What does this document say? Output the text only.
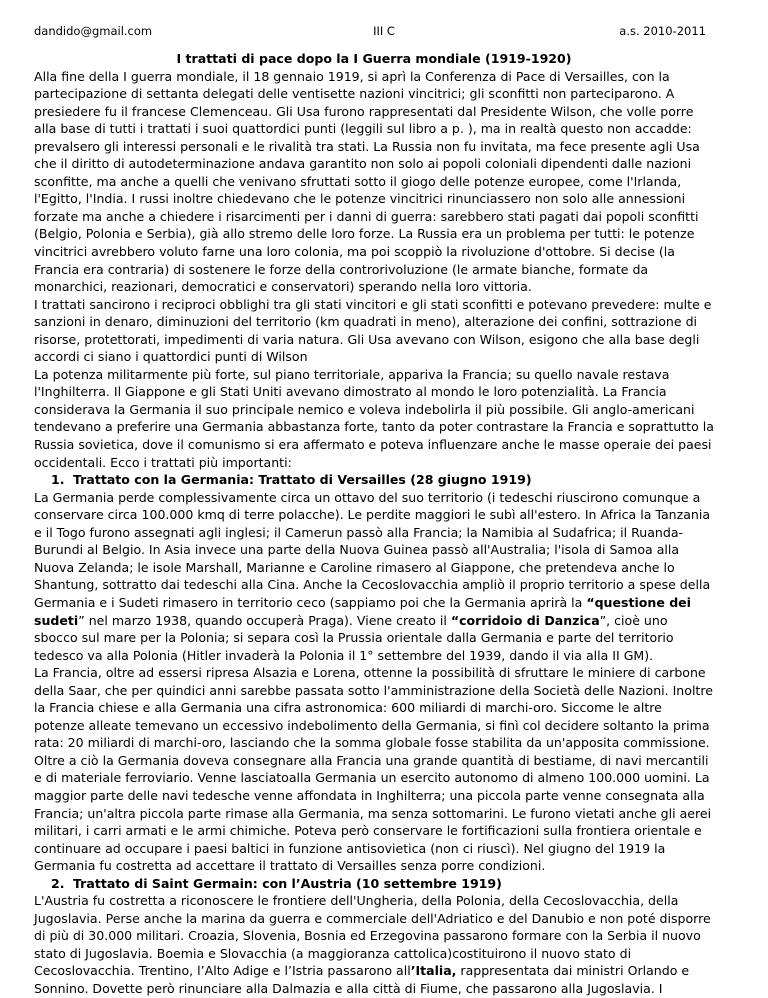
dandido@gmail.com	III C	a.s. 2010-2011

I trattati di pace dopo la I Guerra mondiale (1919-1920)

Alla fine della I guerra mondiale, il 18 gennaio 1919, si aprì la Conferenza di Pace di Versailles, con la partecipazione di settanta delegati delle ventisette nazioni vincitrici; gli sconfitti non parteciparono. A presiedere fu il francese Clemenceau. Gli Usa furono rappresentati dal Presidente Wilson, che volle porre alla base di tutti i trattati i suoi quattordici punti (leggili sul libro a p. ), ma in realtà questo non accadde: prevalsero gli interessi personali e le rivalità tra stati. La Russia non fu invitata, ma fece presente agli Usa che il diritto di autodeterminazione andava garantito non solo ai popoli coloniali dipendenti dalle nazioni sconfitte, ma anche a quelli che venivano sfruttati sotto il giogo delle potenze europee, come l'Irlanda, l'Egitto, l'India. I russi inoltre chiedevano che le potenze vincitrici rinunciassero non solo alle annessioni forzate ma anche a chiedere i risarcimenti per i danni di guerra: sarebbero stati pagati dai popoli sconfitti (Belgio, Polonia e Serbia), già allo stremo delle loro forze. La Russia era un problema per tutti: le potenze vincitrici avrebbero voluto farne una loro colonia, ma poi scoppiò la rivoluzione d'ottobre. Si decise (la Francia era contraria) di sostenere le forze della controrivoluzione (le armate bianche, formate da monarchici, reazionari, democratici e conservatori) sperando nella loro vittoria.

I trattati sancirono i reciproci obblighi tra gli stati vincitori e gli stati sconfitti e potevano prevedere: multe e sanzioni in denaro, diminuzioni del territorio (km quadrati in meno), alterazione dei confini, sottrazione di risorse, protettorati, impedimenti di varia natura. Gli Usa avevano con Wilson, esigono che alla base degli accordi ci siano i quattordici punti di Wilson

La potenza militarmente più forte, sul piano territoriale, appariva la Francia; su quello navale restava l'Inghilterra. Il Giappone e gli Stati Uniti avevano dimostrato al mondo le loro potenzialità. La Francia considerava la Germania il suo principale nemico e voleva indebolirla il più possibile. Gli anglo-americani tendevano a preferire una Germania abbastanza forte, tanto da poter contrastare la Francia e soprattutto la Russia sovietica, dove il comunismo si era affermato e poteva influenzare anche le masse operaie dei paesi occidentali. Ecco i trattati più importanti:

1. Trattato con la Germania: Trattato di Versailles (28 giugno 1919)

La Germania perde complessivamente circa un ottavo del suo territorio (i tedeschi riuscirono comunque a conservare circa 100.000 kmq di terre polacche). Le perdite maggiori le subì all'estero. In Africa la Tanzania e il Togo furono assegnati agli inglesi; il Camerun passò alla Francia; la Namibia al Sudafrica; il Ruanda-Burundi al Belgio. In Asia invece una parte della Nuova Guinea passò all'Australia; l'isola di Samoa alla Nuova Zelanda; le isole Marshall, Marianne e Caroline rimasero al Giappone, che pretendeva anche lo Shantung, sottratto dai tedeschi alla Cina. Anche la Cecoslovacchia ampliò il proprio territorio a spese della Germania e i Sudeti rimasero in territorio ceco (sappiamo poi che la Germania aprirà la “questione dei sudeti” nel marzo 1938, quando occuperà Praga). Viene creato il “corridoio di Danzica”, cioè uno sbocco sul mare per la Polonia; si separa così la Prussia orientale dalla Germania e parte del territorio tedesco va alla Polonia (Hitler invaderà la Polonia il 1° settembre del 1939, dando il via alla II GM).

La Francia, oltre ad essersi ripresa Alsazia e Lorena, ottenne la possibilità di sfruttare le miniere di carbone della Saar, che per quindici anni sarebbe passata sotto l'amministrazione della Società delle Nazioni. Inoltre la Francia chiese e alla Germania una cifra astronomica: 600 miliardi di marchi-oro. Siccome le altre potenze alleate temevano un eccessivo indebolimento della Germania, si finì col decidere soltanto la prima rata: 20 miliardi di marchi-oro, lasciando che la somma globale fosse stabilita da un'apposita commissione. Oltre a ciò la Germania doveva consegnare alla Francia una grande quantità di bestiame, di navi mercantili e di materiale ferroviario. Venne lasciatoalla Germania un esercito autonomo di almeno 100.000 uomini. La maggior parte delle navi tedesche venne affondata in Inghilterra; una piccola parte venne consegnata alla Francia; un'altra piccola parte rimase alla Germania, ma senza sottomarini. Le furono vietati anche gli aerei militari, i carri armati e le armi chimiche. Poteva però conservare le fortificazioni sulla frontiera orientale e continuare ad occupare i paesi baltici in funzione antisovietica (non ci riuscì). Nel giugno del 1919 la Germania fu costretta ad accettare il trattato di Versailles senza porre condizioni.

2. Trattato di Saint Germain: con l’Austria (10 settembre 1919)

L'Austria fu costretta a riconoscere le frontiere dell'Ungheria, della Polonia, della Cecoslovacchia, della Jugoslavia. Perse anche la marina da guerra e commerciale dell'Adriatico e del Danubio e non poté disporre di più di 30.000 militari. Croazia, Slovenia, Bosnia ed Erzegovina passarono formare con la Serbia il nuovo stato di Jugoslavia. Boemia e Slovacchia (a maggioranza cattolica)costituirono il nuovo stato di Cecoslovacchia. Trentino, l’Alto Adige e l’Istria passarono all’Italia, rappresentata dai ministri Orlando e Sonnino. Dovette però rinunciare alla Dalmazia e alla città di Fiume, che passarono alla Jugoslavia. I
